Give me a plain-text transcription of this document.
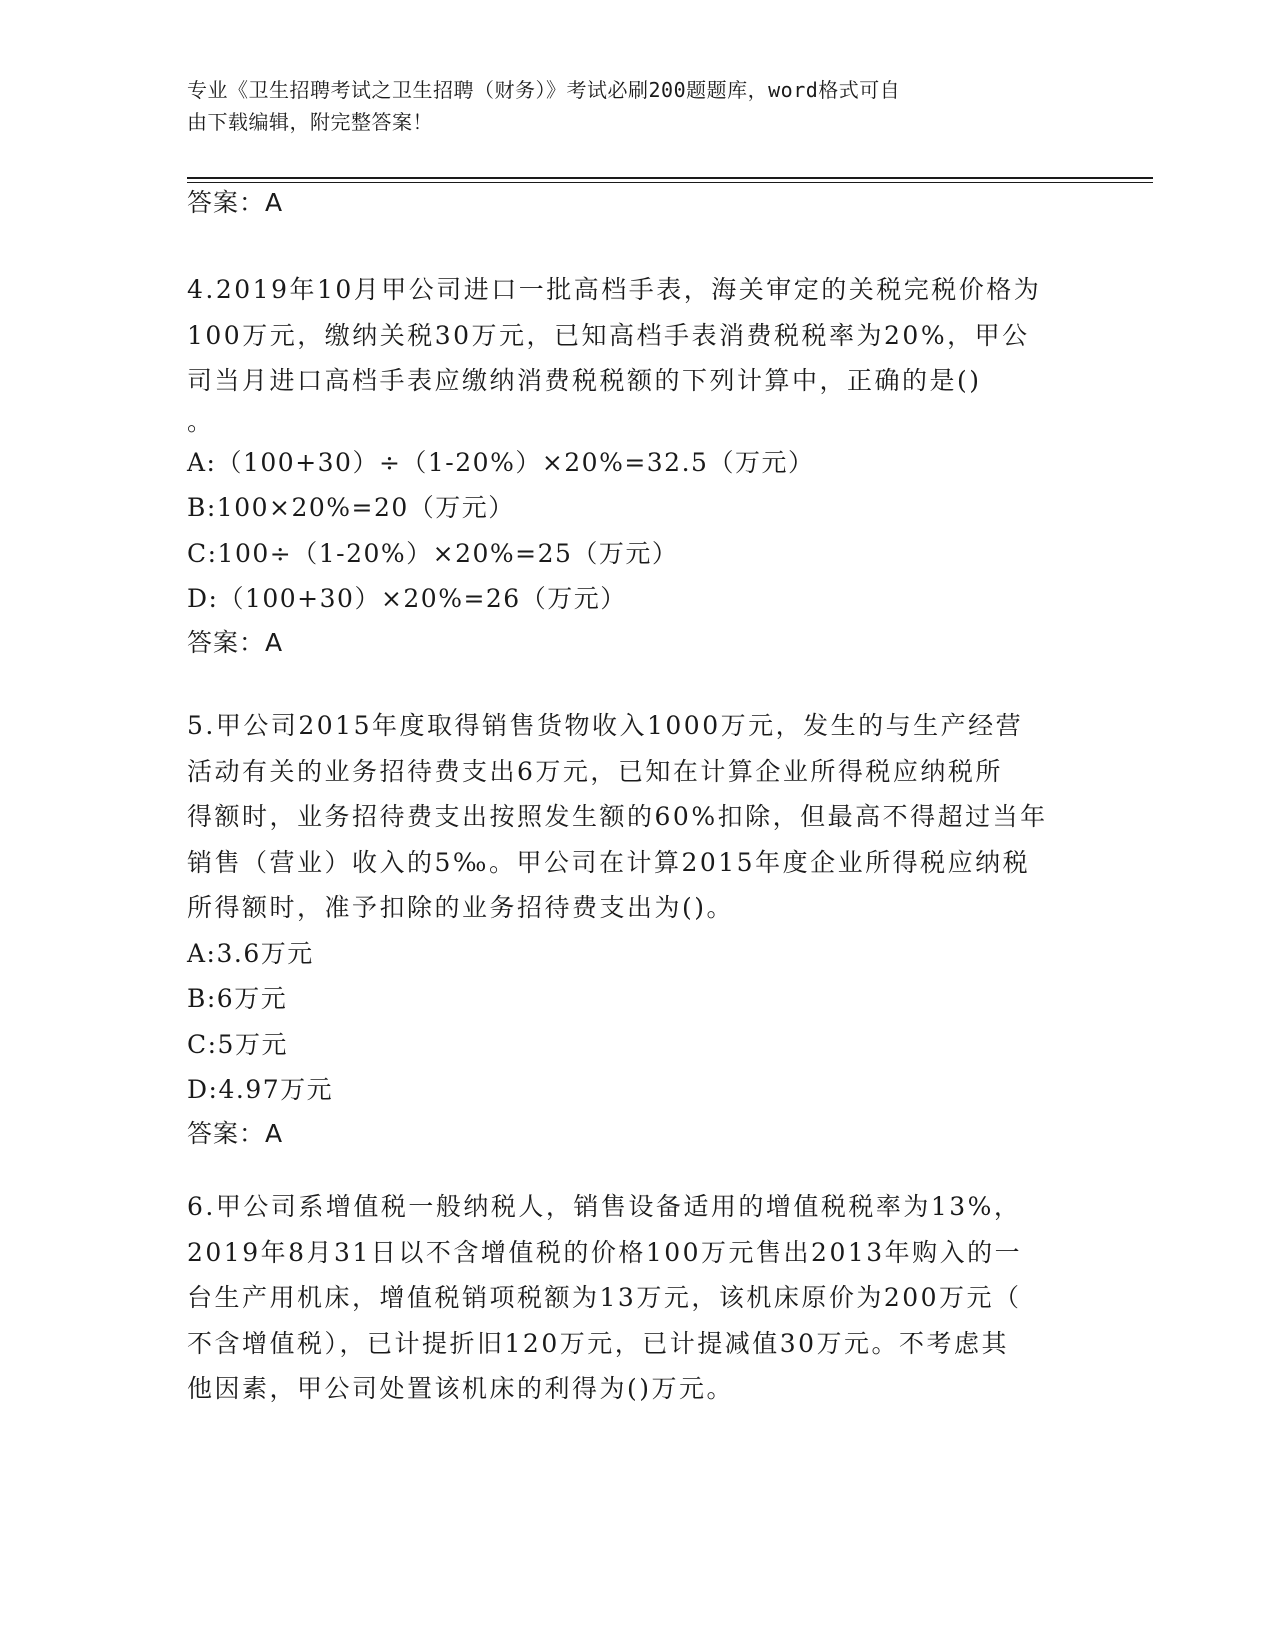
专业《卫生招聘考试之卫生招聘（财务）》考试必刷200题题库，word格式可自
由下载编辑，附完整答案！
答案：A
4.2019年10月甲公司进口一批高档手表，海关审定的关税完税价格为
100万元，缴纳关税30万元，已知高档手表消费税税率为20%，甲公
司当月进口高档手表应缴纳消费税税额的下列计算中，正确的是()
。
A:（100+30）÷（1-20%）×20%=32.5（万元）
B:100×20%=20（万元）
C:100÷（1-20%）×20%=25（万元）
D:（100+30）×20%=26（万元）
答案：A
5.甲公司2015年度取得销售货物收入1000万元，发生的与生产经营
活动有关的业务招待费支出6万元，已知在计算企业所得税应纳税所
得额时，业务招待费支出按照发生额的60%扣除，但最高不得超过当年
销售（营业）收入的5‰。甲公司在计算2015年度企业所得税应纳税
所得额时，准予扣除的业务招待费支出为()。
A:3.6万元
B:6万元
C:5万元
D:4.97万元
答案：A
6.甲公司系增值税一般纳税人，销售设备适用的增值税税率为13%，
2019年8月31日以不含增值税的价格100万元售出2013年购入的一
台生产用机床，增值税销项税额为13万元，该机床原价为200万元（
不含增值税），已计提折旧120万元，已计提减值30万元。不考虑其
他因素，甲公司处置该机床的利得为()万元。
